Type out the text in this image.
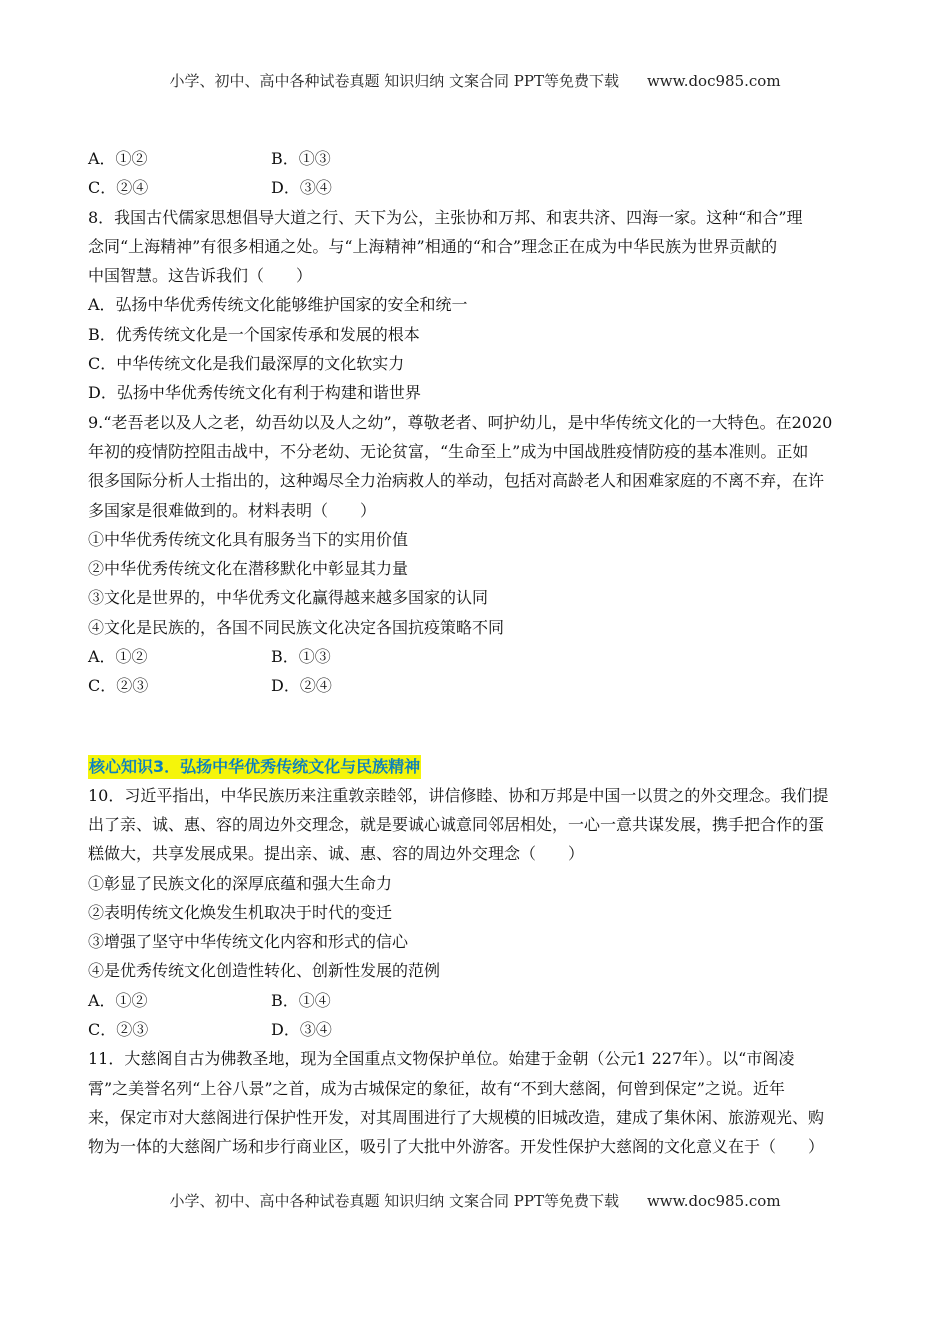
小学、初中、高中各种试卷真题 知识归纳 文案合同 PPT等免费下载 www.doc985.com
A．①②	B．①③
C．②④	D．③④
8．我国古代儒家思想倡导大道之行、天下为公，主张协和万邦、和衷共济、四海一家。这种“和合”理
念同“上海精神”有很多相通之处。与“上海精神”相通的“和合”理念正在成为中华民族为世界贡献的
中国智慧。这告诉我们（　　）
A．弘扬中华优秀传统文化能够维护国家的安全和统一
B．优秀传统文化是一个国家传承和发展的根本
C．中华传统文化是我们最深厚的文化软实力
D．弘扬中华优秀传统文化有利于构建和谐世界
9.“老吾老以及人之老，幼吾幼以及人之幼”，尊敬老者、呵护幼儿，是中华传统文化的一大特色。在2020
年初的疫情防控阻击战中，不分老幼、无论贫富，“生命至上”成为中国战胜疫情防疫的基本准则。正如
很多国际分析人士指出的，这种竭尽全力治病救人的举动，包括对高龄老人和困难家庭的不离不弃，在许
多国家是很难做到的。材料表明（　　）
①中华优秀传统文化具有服务当下的实用价值
②中华优秀传统文化在潜移默化中彰显其力量
③文化是世界的，中华优秀文化赢得越来越多国家的认同
④文化是民族的，各国不同民族文化决定各国抗疫策略不同
A．①②	B．①③
C．②③	D．②④
核心知识3．弘扬中华优秀传统文化与民族精神
10．习近平指出，中华民族历来注重敦亲睦邻，讲信修睦、协和万邦是中国一以贯之的外交理念。我们提
出了亲、诚、惠、容的周边外交理念，就是要诚心诚意同邻居相处，一心一意共谋发展，携手把合作的蛋
糕做大，共享发展成果。提出亲、诚、惠、容的周边外交理念（　　）
①彰显了民族文化的深厚底蕴和强大生命力
②表明传统文化焕发生机取决于时代的变迁
③增强了坚守中华传统文化内容和形式的信心
④是优秀传统文化创造性转化、创新性发展的范例
A．①②	B．①④
C．②③	D．③④
11．大慈阁自古为佛教圣地，现为全国重点文物保护单位。始建于金朝（公元1 227年）。以“市阁凌
霄”之美誉名列“上谷八景”之首，成为古城保定的象征，故有“不到大慈阁，何曾到保定”之说。近年
来，保定市对大慈阁进行保护性开发，对其周围进行了大规模的旧城改造，建成了集休闲、旅游观光、购
物为一体的大慈阁广场和步行商业区，吸引了大批中外游客。开发性保护大慈阁的文化意义在于（　　）
小学、初中、高中各种试卷真题 知识归纳 文案合同 PPT等免费下载 www.doc985.com
